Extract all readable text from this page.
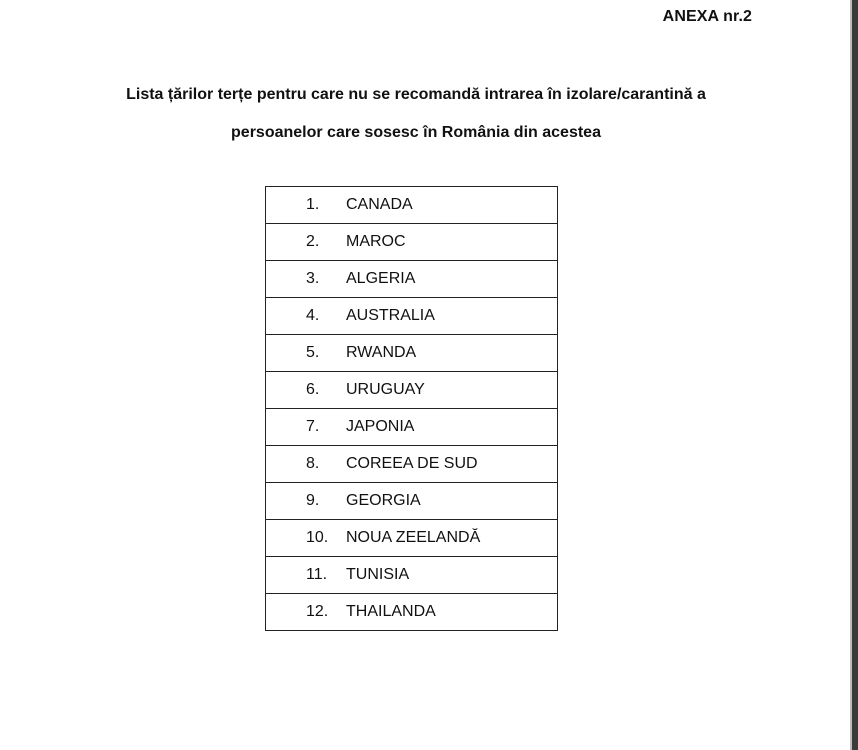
ANEXA nr.2
Lista țărilor terțe pentru care nu se recomandă intrarea în izolare/carantină a
persoanelor care sosesc în România din acestea
1. CANADA
2. MAROC
3. ALGERIA
4. AUSTRALIA
5. RWANDA
6. URUGUAY
7. JAPONIA
8. COREEA DE SUD
9. GEORGIA
10. NOUA ZEELANDĂ
11. TUNISIA
12. THAILANDA
